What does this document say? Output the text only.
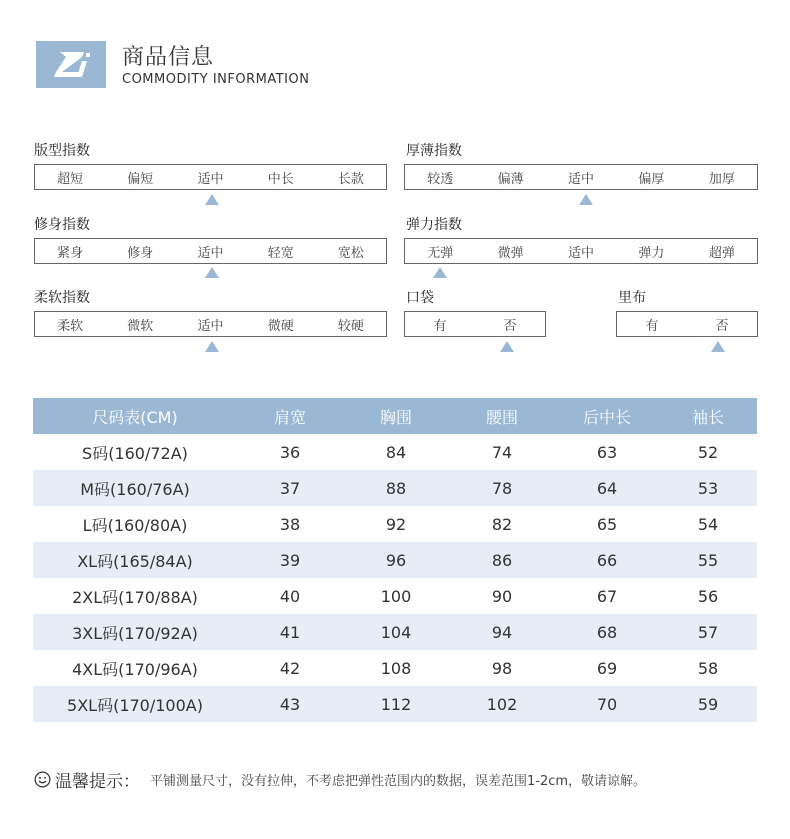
商品信息
COMMODITY INFORMATION
版型指数
超短	偏短	适中	中长	长款
厚薄指数
较透	偏薄	适中	偏厚	加厚
修身指数
紧身	修身	适中	轻宽	宽松
弹力指数
无弹	微弹	适中	弹力	超弹
柔软指数
柔软	微软	适中	微硬	较硬
口袋
有	否
里布
有	否
尺码表(CM)	肩宽	胸围	腰围	后中长	袖长
S码(160/72A)	36	84	74	63	52
M码(160/76A)	37	88	78	64	53
L码(160/80A)	38	92	82	65	54
XL码(165/84A)	39	96	86	66	55
2XL码(170/88A)	40	100	90	67	56
3XL码(170/92A)	41	104	94	68	57
4XL码(170/96A)	42	108	98	69	58
5XL码(170/100A)	43	112	102	70	59
温馨提示： 平铺测量尺寸，没有拉伸，不考虑把弹性范围内的数据，误差范围1-2cm，敬请谅解。
